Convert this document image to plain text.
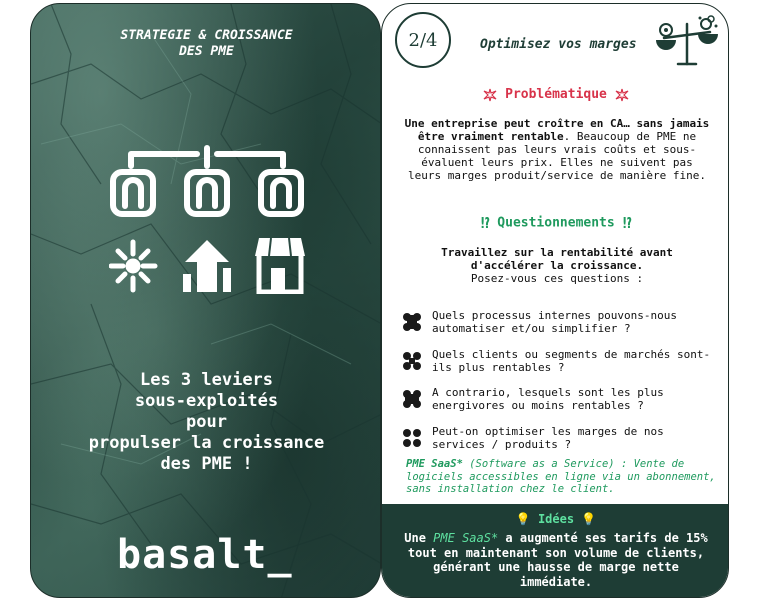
STRATEGIE & CROISSANCE
DES PME
Les 3 leviers
sous-exploités
pour
propulser la croissance
des PME !
basalt_
2/4	Optimisez vos marges
Problématique
Une entreprise peut croître en CA… sans jamais être vraiment rentable. Beaucoup de PME ne connaissent pas leurs vrais coûts et sous-évaluent leurs prix. Elles ne suivent pas leurs marges produit/service de manière fine.
⁉ Questionnements ⁉
Travaillez sur la rentabilité avant d'accélérer la croissance.
Posez-vous ces questions :
Quels processus internes pouvons-nous automatiser et/ou simplifier ?
Quels clients ou segments de marchés sont-ils plus rentables ?
A contrario, lesquels sont les plus energivores ou moins rentables ?
Peut-on optimiser les marges de nos services / produits ?
PME SaaS* (Software as a Service) : Vente de logiciels accessibles en ligne via un abonnement, sans installation chez le client.
💡 Idées 💡
Une PME SaaS* a augmenté ses tarifs de 15% tout en maintenant son volume de clients, générant une hausse de marge nette immédiate.
